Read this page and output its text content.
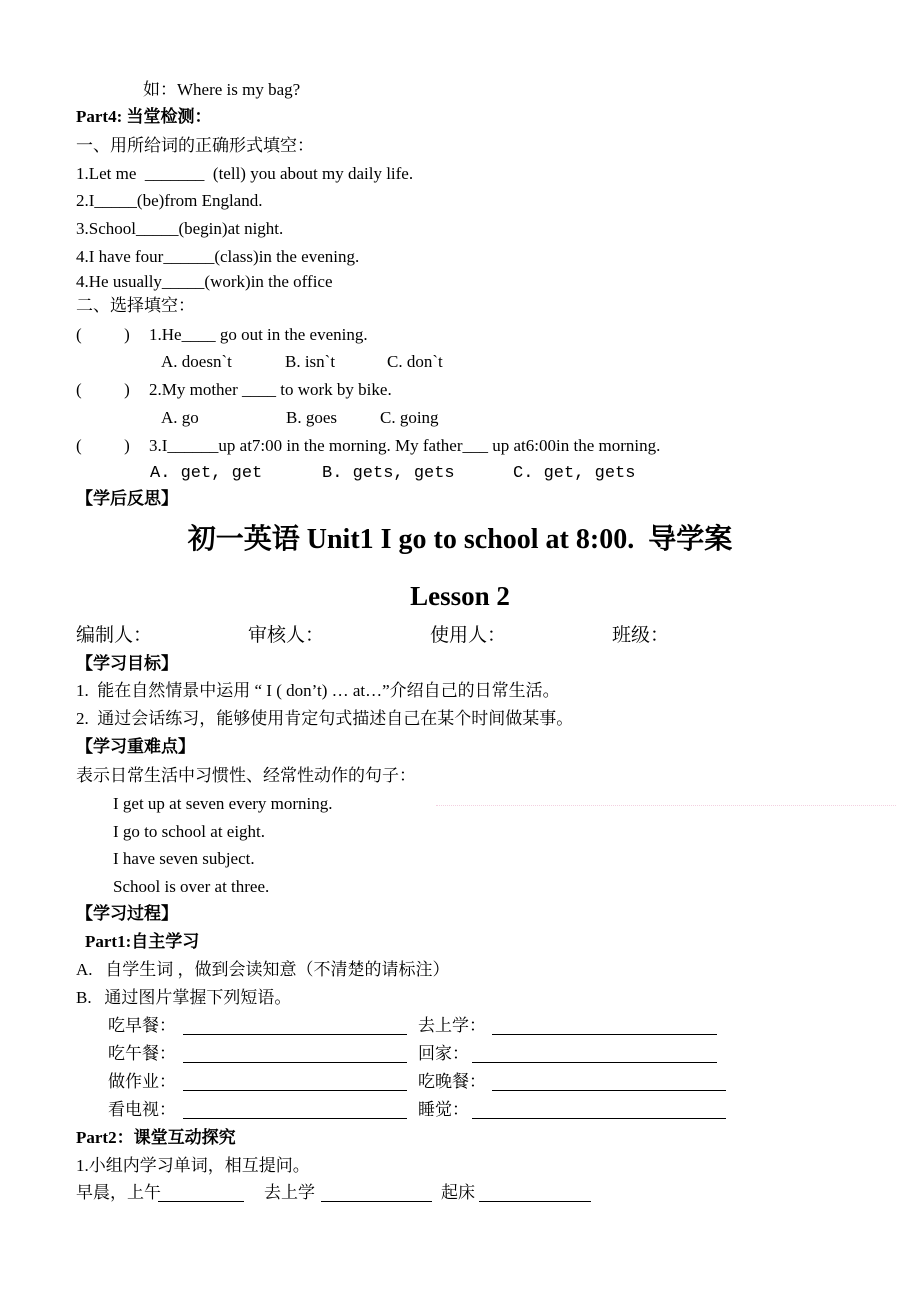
如：Where is my bag?
Part4: 当堂检测：
一、用所给词的正确形式填空：
1.Let me  _______  (tell) you about my daily life.
2.I_____(be)from England.
3.School_____(begin)at night.
4.I have four______(class)in the evening.
4.He usually_____(work)in the office
二、选择填空：
(          ) 1.He____ go out in the evening.
A. doesn`t	B. isn`t	C. don`t
(          ) 2.My mother ____ to work by bike.
A. go	B. goes	C. going
(          ) 3.I______up at7:00 in the morning. My father___ up at6:00in the morning.
A. get, get	B. gets, gets	C. get, gets
【学后反思】
初一英语 Unit1 I go to school at 8:00.  导学案
Lesson 2
编制人：	审核人：	使用人：	班级：
【学习目标】
1.  能在自然情景中运用 “ I ( don’t) … at…”介绍自己的日常生活。
2.  通过会话练习，能够使用肯定句式描述自己在某个时间做某事。
【学习重难点】
表示日常生活中习惯性、经常性动作的句子：
I get up at seven every morning.
I go to school at eight.
I have seven subject.
School is over at three.
【学习过程】
Part1:自主学习
A.   自学生词 ，做到会读知意（不清楚的请标注）
B.   通过图片掌握下列短语。
吃早餐：	去上学：
吃午餐：	回家：
做作业：	吃晚餐：
看电视：	睡觉：
Part2：课堂互动探究
1.小组内学习单词，相互提问。
早晨，上午	去上学	起床
